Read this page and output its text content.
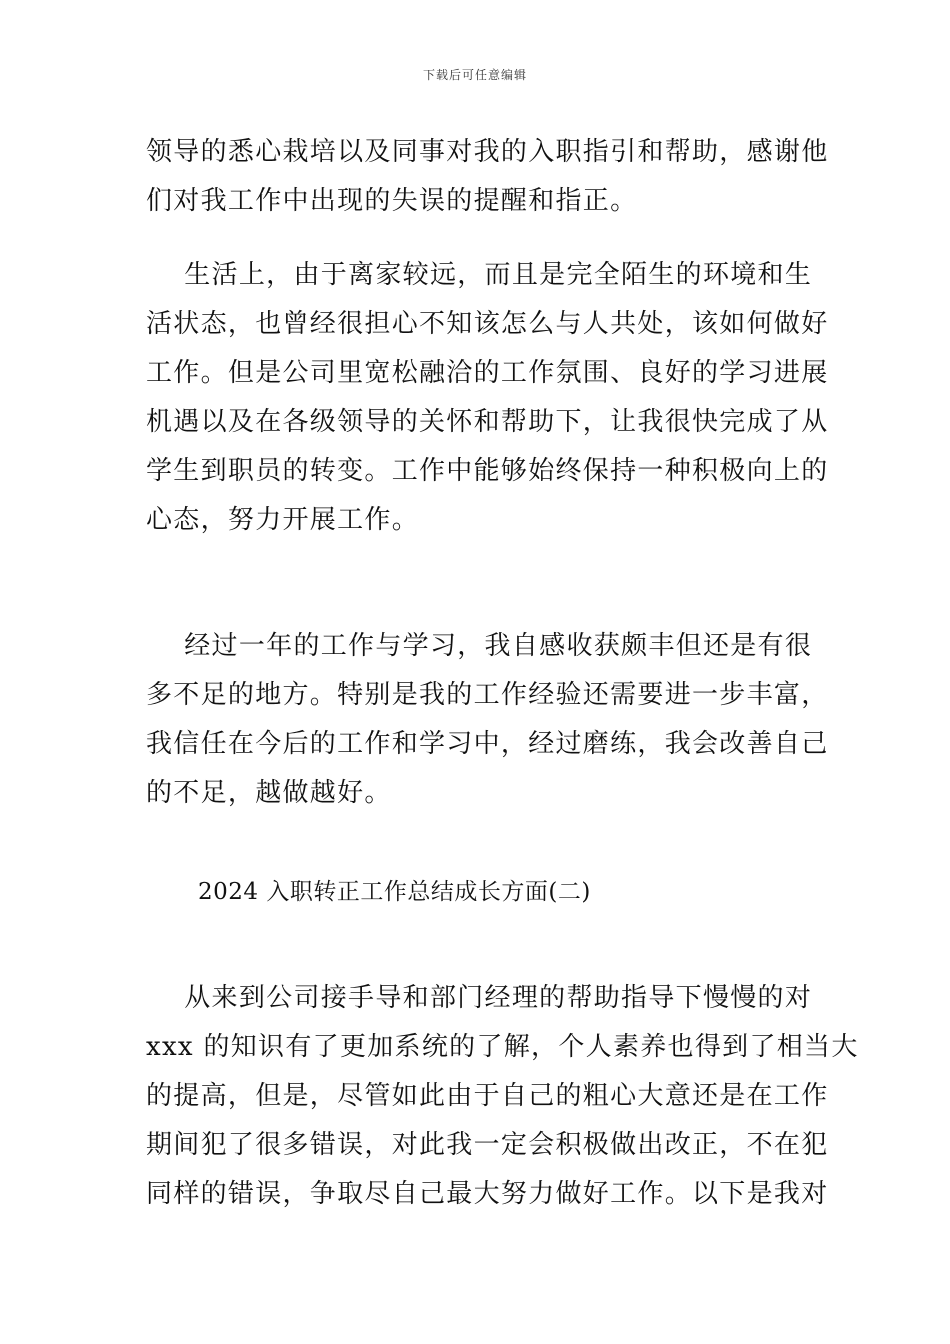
下载后可任意编辑
领导的悉心栽培以及同事对我的入职指引和帮助，感谢他
们对我工作中出现的失误的提醒和指正。
生活上，由于离家较远，而且是完全陌生的环境和生
活状态，也曾经很担心不知该怎么与人共处，该如何做好
工作。但是公司里宽松融洽的工作氛围、良好的学习进展
机遇以及在各级领导的关怀和帮助下，让我很快完成了从
学生到职员的转变。工作中能够始终保持一种积极向上的
心态，努力开展工作。
经过一年的工作与学习，我自感收获颇丰但还是有很
多不足的地方。特别是我的工作经验还需要进一步丰富，
我信任在今后的工作和学习中，经过磨练，我会改善自己
的不足，越做越好。
2024 入职转正工作总结成长方面(二)
从来到公司接手导和部门经理的帮助指导下慢慢的对
xxx 的知识有了更加系统的了解，个人素养也得到了相当大
的提高，但是，尽管如此由于自己的粗心大意还是在工作
期间犯了很多错误，对此我一定会积极做出改正，不在犯
同样的错误，争取尽自己最大努力做好工作。以下是我对
